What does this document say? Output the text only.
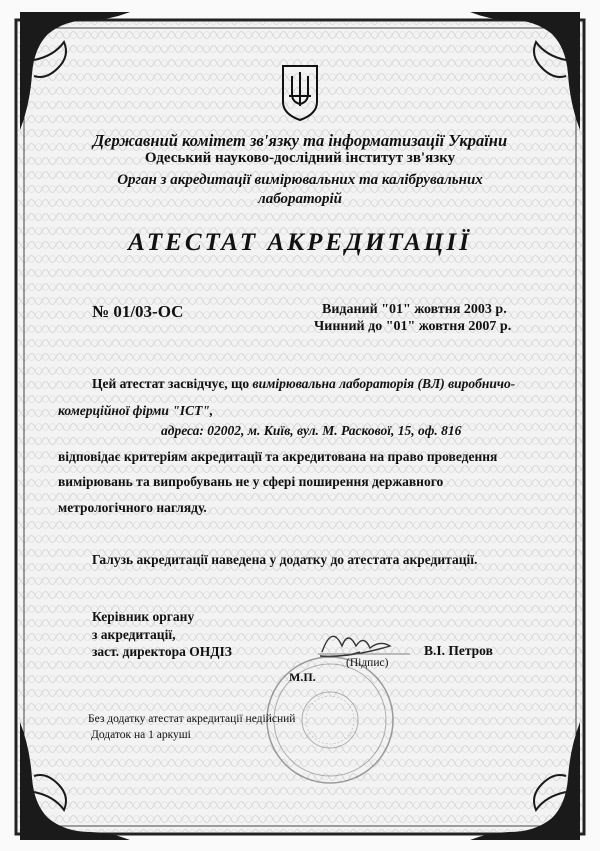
Державний комітет зв'язку та інформатизації України
Одеський науково-дослідний інститут зв'язку
Орган з акредитації вимірювальних та калібрувальних
лабораторій
АТЕСТАТ АКРЕДИТАЦІЇ
№ 01/03-ОС	Виданий "01" жовтня 2003 р.
Чинний до "01" жовтня 2007 р.
Цей атестат засвідчує, що вимірювальна лабораторія (ВЛ) виробничо-
комерційної фірми "ІСТ",
адреса: 02002, м. Київ, вул. М. Раскової, 15, оф. 816
відповідає критеріям акредитації та акредитована на право проведення
вимірювань та випробувань не у сфері поширення державного
метрологічного нагляду.
Галузь акредитації наведена у додатку до атестата акредитації.
Керівник органу
з акредитації,
заст. директора ОНДІЗ	В.І. Петров
(Підпис)
М.П.
Без додатку атестат акредитації недійсний
Додаток на 1 аркуші
